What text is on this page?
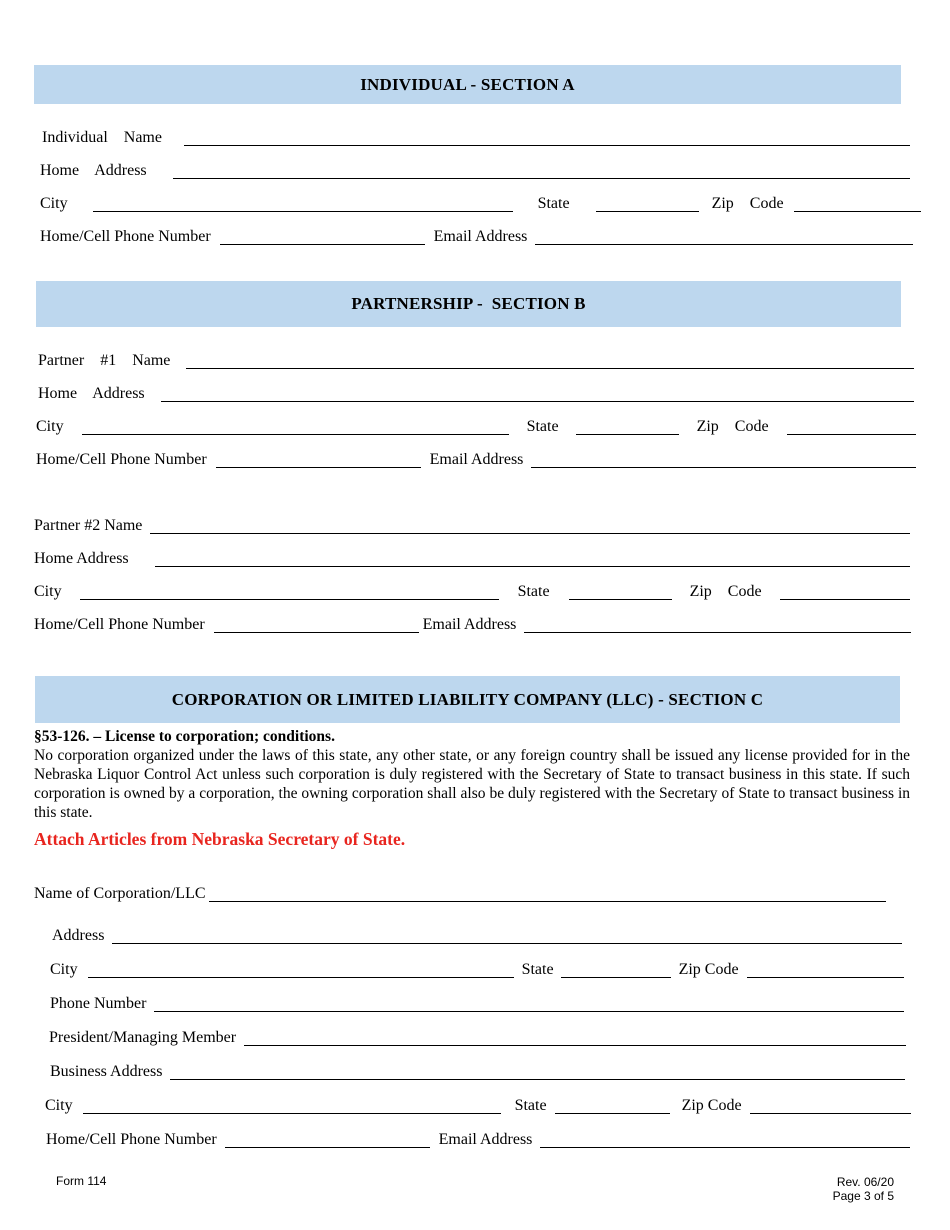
INDIVIDUAL - SECTION A
Individual Name
Home Address
City	State	Zip Code
Home/Cell Phone Number	Email Address
PARTNERSHIP -  SECTION B
Partner #1 Name
Home Address
City	State	Zip Code
Home/Cell Phone Number	Email Address
Partner #2 Name
Home Address
City	State	Zip Code
Home/Cell Phone Number	Email Address
CORPORATION OR LIMITED LIABILITY COMPANY (LLC) - SECTION C
§53-126. – License to corporation; conditions.
No corporation organized under the laws of this state, any other state, or any foreign country shall be issued any license provided for in the Nebraska Liquor Control Act unless such corporation is duly registered with the Secretary of State to transact business in this state. If such corporation is owned by a corporation, the owning corporation shall also be duly registered with the Secretary of State to transact business in this state.
Attach Articles from Nebraska Secretary of State.
Name of Corporation/LLC
Address
City	State	Zip Code
Phone Number
President/Managing Member
Business Address
City	State	Zip Code
Home/Cell Phone Number	Email Address
Form 114	Rev. 06/20
Page 3 of 5
